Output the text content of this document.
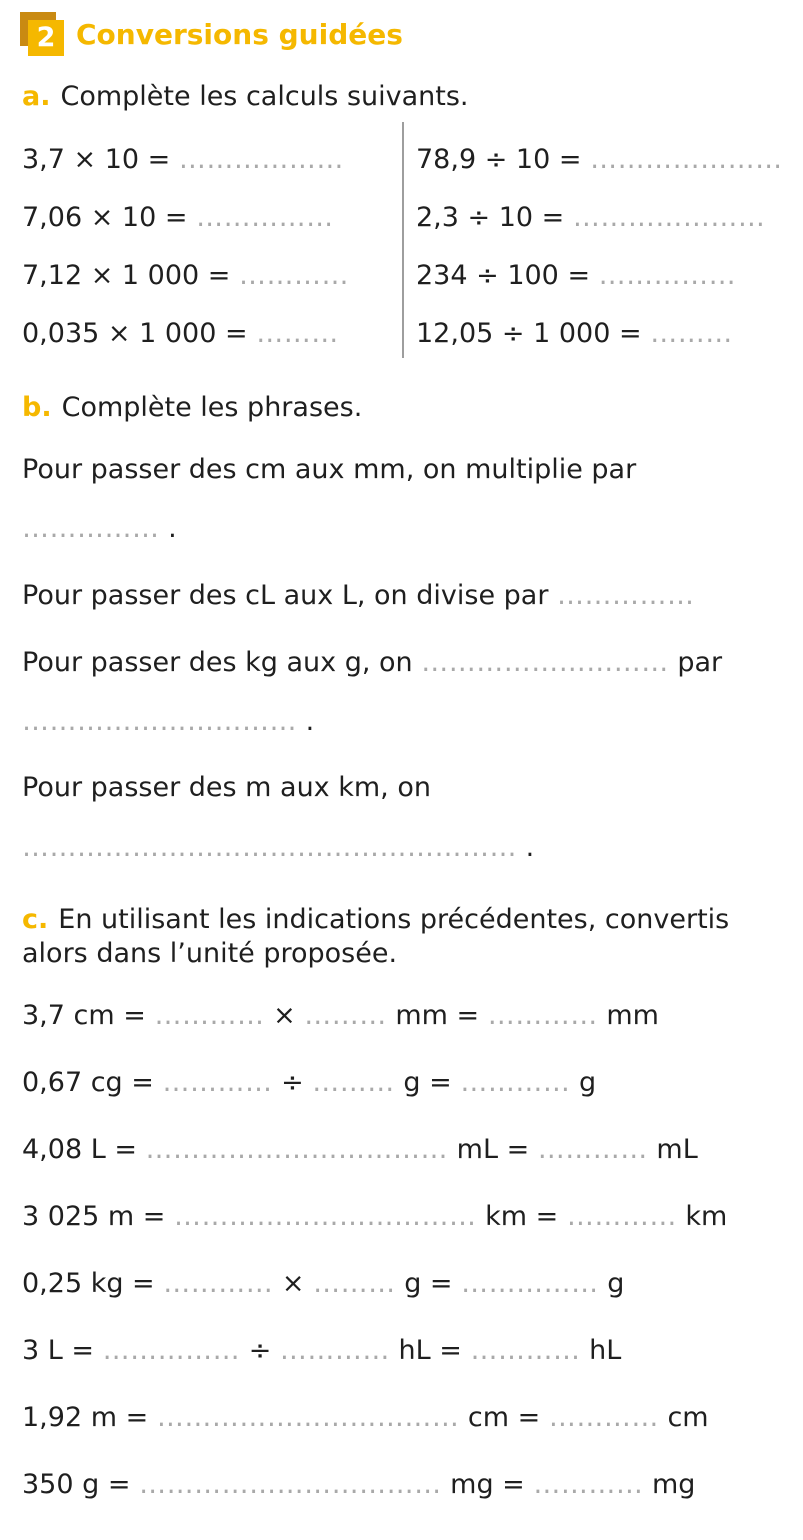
2 Conversions guidées
a. Complète les calculs suivants.
3,7 × 10 = ………………
7,06 × 10 = ……………
7,12 × 1 000 = …………
0,035 × 1 000 = ………
78,9 ÷ 10 = …………………
2,3 ÷ 10 = …………………
234 ÷ 100 = ……………
12,05 ÷ 1 000 = ………
b. Complète les phrases.
Pour passer des cm aux mm, on multiplie par
…………… .
Pour passer des cL aux L, on divise par ……………
Pour passer des kg aux g, on ……………………… par
………………………… .
Pour passer des m aux km, on
……………………………………………… .
c. En utilisant les indications précédentes, convertis
alors dans l’unité proposée.
3,7 cm = ………… × ……… mm = ………… mm
0,67 cg = ………… ÷ ……… g = ………… g
4,08 L = …………………………… mL = ………… mL
3 025 m = …………………………… km = ………… km
0,25 kg = ………… × ……… g = …………… g
3 L = …………… ÷ ………… hL = ………… hL
1,92 m = …………………………… cm = ………… cm
350 g = …………………………… mg = ………… mg
